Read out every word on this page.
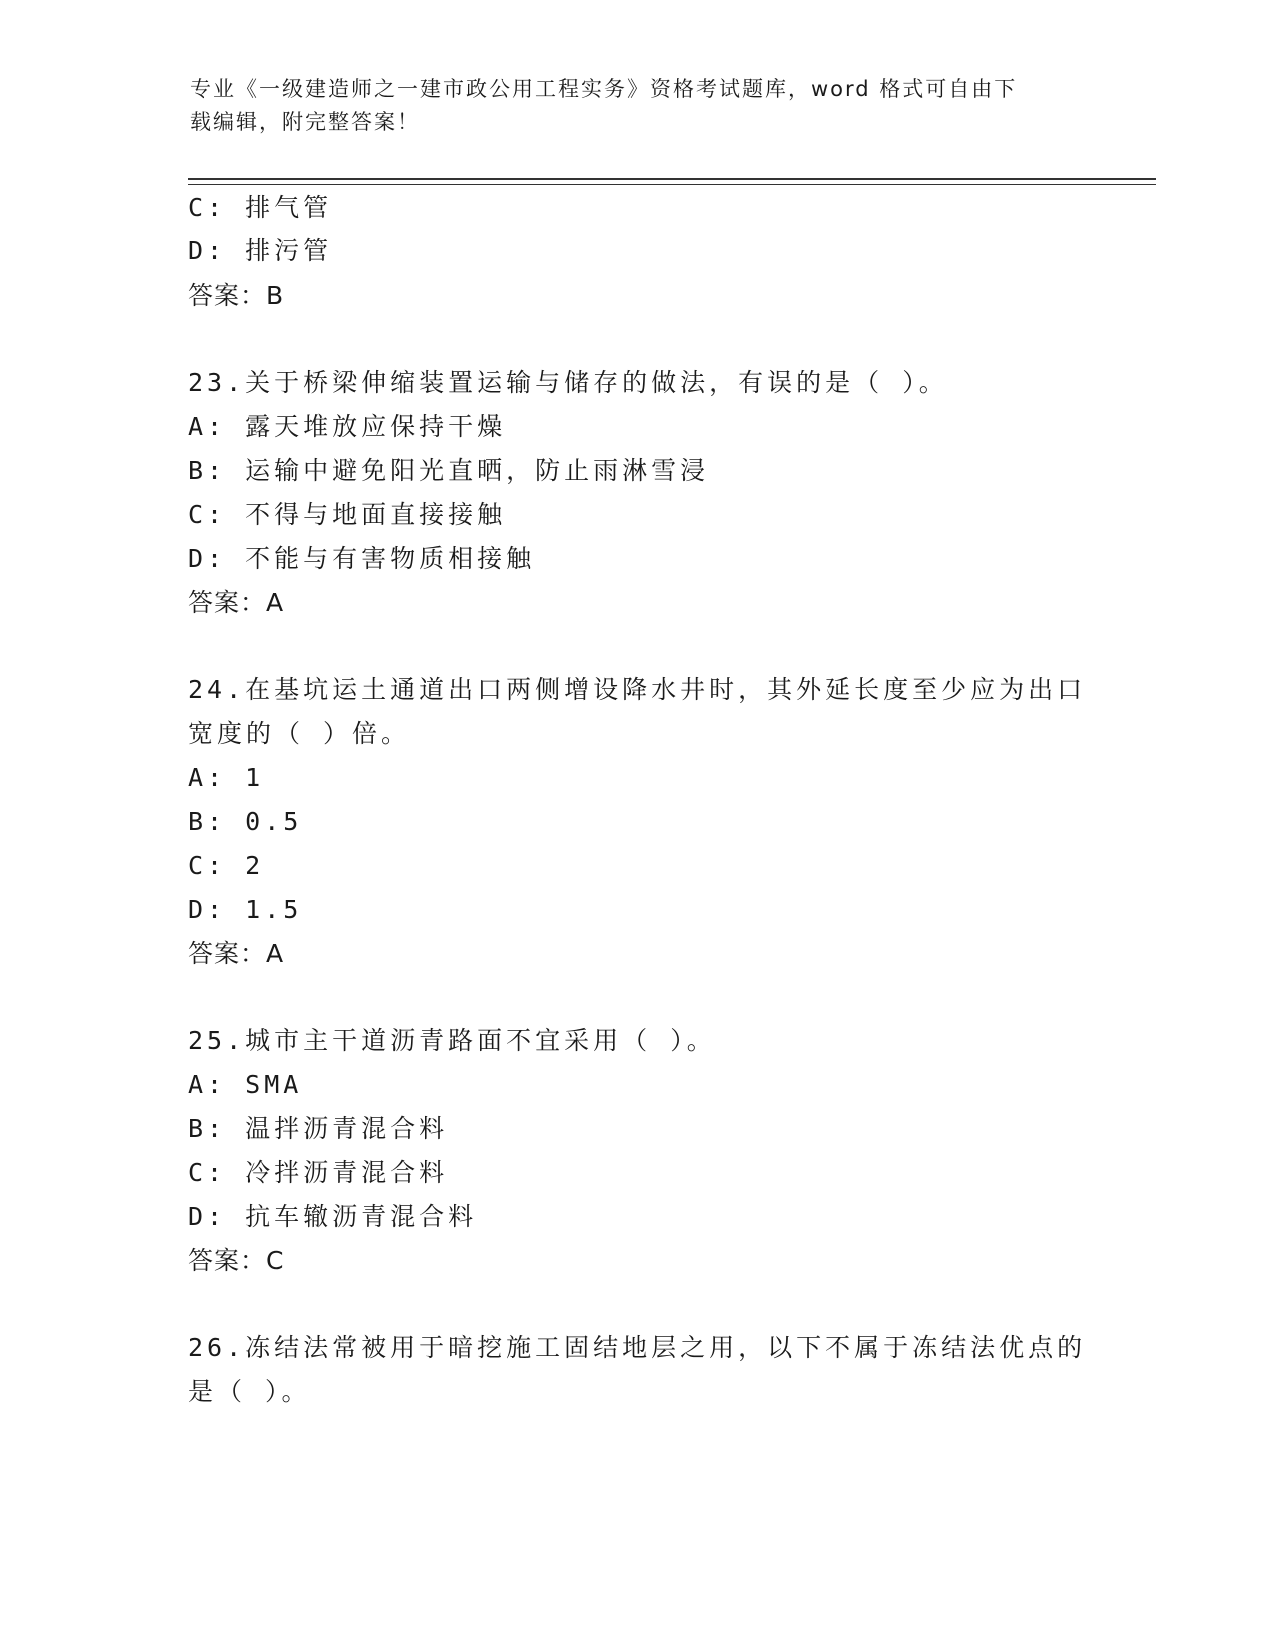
专业《一级建造师之一建市政公用工程实务》资格考试题库，word 格式可自由下
载编辑，附完整答案！
C: 排气管
D: 排污管
答案：B
23.关于桥梁伸缩装置运输与储存的做法，有误的是（ ）。
A: 露天堆放应保持干燥
B: 运输中避免阳光直晒，防止雨淋雪浸
C: 不得与地面直接接触
D: 不能与有害物质相接触
答案：A
24.在基坑运土通道出口两侧增设降水井时，其外延长度至少应为出口
宽度的（ ）倍。
A: 1
B: 0.5
C: 2
D: 1.5
答案：A
25.城市主干道沥青路面不宜采用（ ）。
A: SMA
B: 温拌沥青混合料
C: 冷拌沥青混合料
D: 抗车辙沥青混合料
答案：C
26.冻结法常被用于暗挖施工固结地层之用，以下不属于冻结法优点的
是（ ）。
